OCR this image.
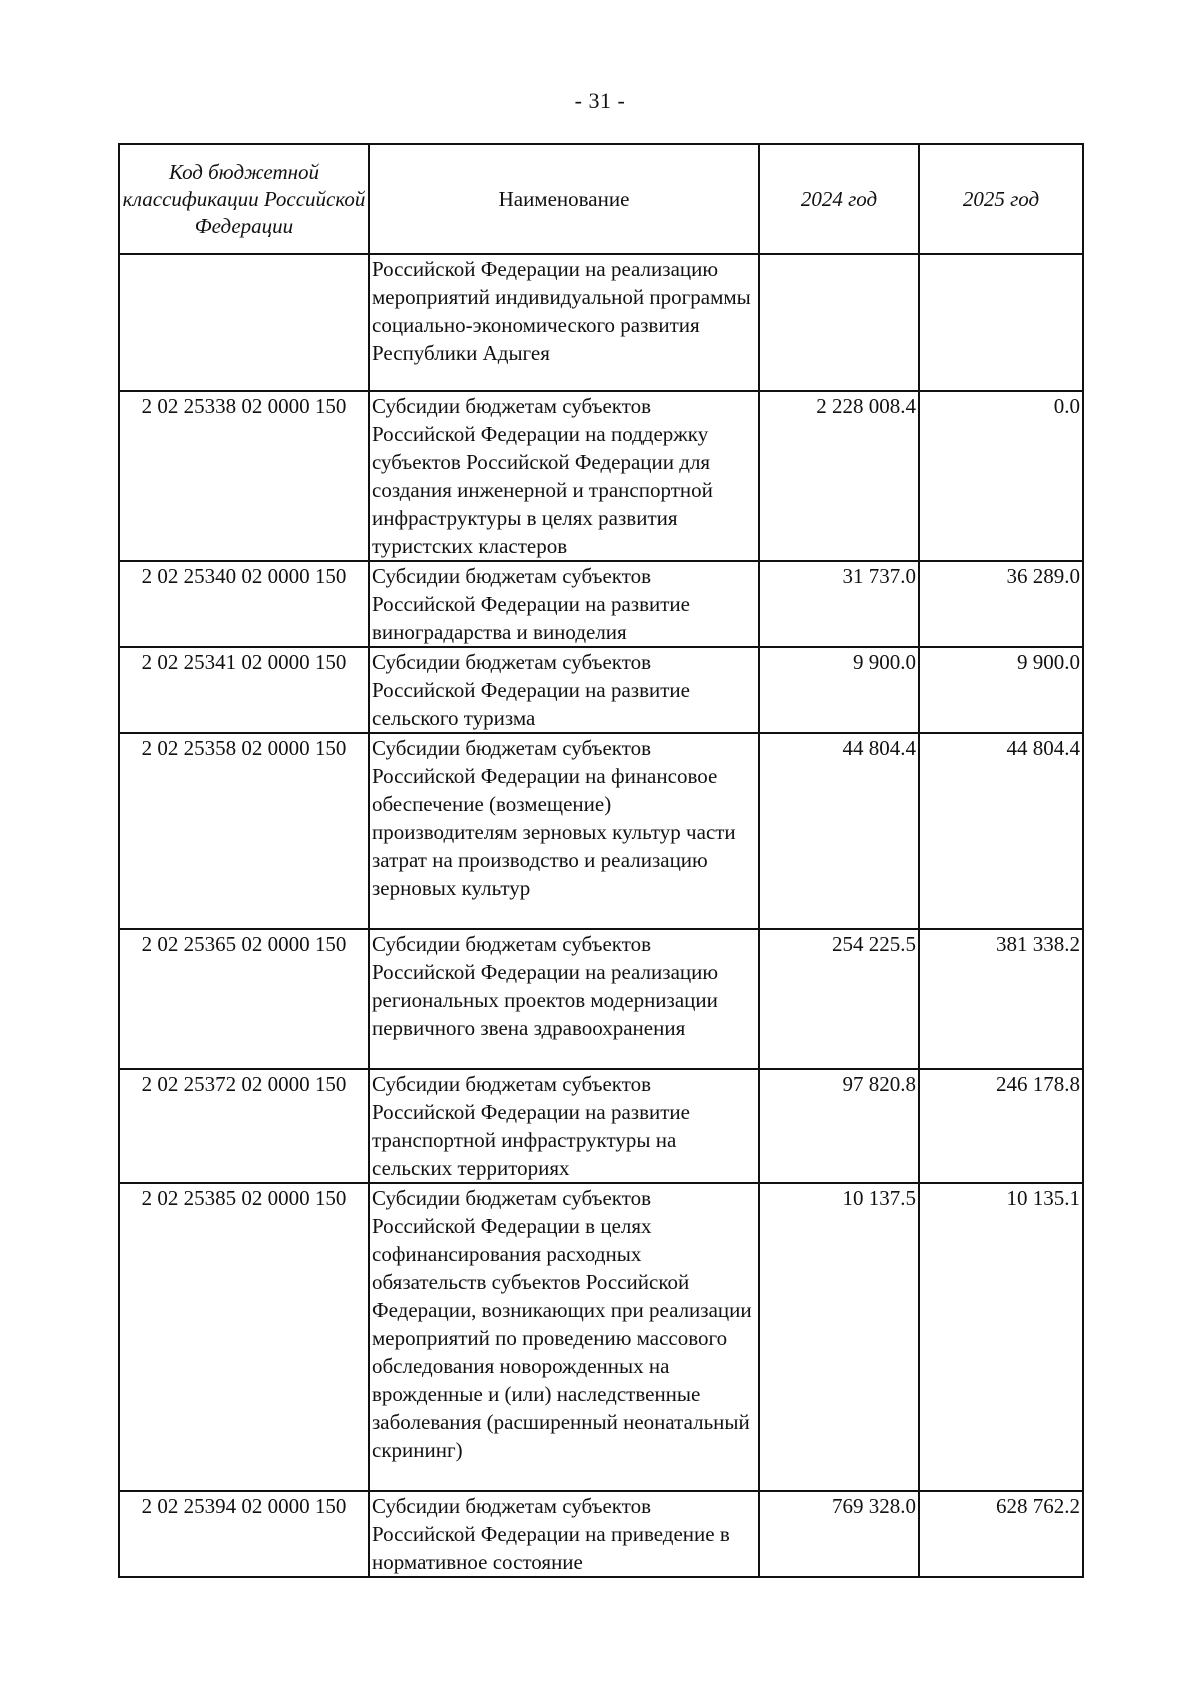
- 31 -
Код бюджетной классификации Российской Федерации	Наименование	2024 год	2025 год
	Российской Федерации на реализацию мероприятий индивидуальной программы социально-экономического развития Республики Адыгея		
2 02 25338 02 0000 150	Субсидии бюджетам субъектов Российской Федерации на поддержку субъектов Российской Федерации для создания инженерной и транспортной инфраструктуры в целях развития туристских кластеров	2 228 008.4	0.0
2 02 25340 02 0000 150	Субсидии бюджетам субъектов Российской Федерации на развитие виноградарства и виноделия	31 737.0	36 289.0
2 02 25341 02 0000 150	Субсидии бюджетам субъектов Российской Федерации на развитие сельского туризма	9 900.0	9 900.0
2 02 25358 02 0000 150	Субсидии бюджетам субъектов Российской Федерации на финансовое обеспечение (возмещение) производителям зерновых культур части затрат на производство и реализацию зерновых культур	44 804.4	44 804.4
2 02 25365 02 0000 150	Субсидии бюджетам субъектов Российской Федерации на реализацию региональных проектов модернизации первичного звена здравоохранения	254 225.5	381 338.2
2 02 25372 02 0000 150	Субсидии бюджетам субъектов Российской Федерации на развитие транспортной инфраструктуры на сельских территориях	97 820.8	246 178.8
2 02 25385 02 0000 150	Субсидии бюджетам субъектов Российской Федерации в целях софинансирования расходных обязательств субъектов Российской Федерации, возникающих при реализации мероприятий по проведению массового обследования новорожденных на врожденные и (или) наследственные заболевания (расширенный неонатальный скрининг)	10 137.5	10 135.1
2 02 25394 02 0000 150	Субсидии бюджетам субъектов Российской Федерации на приведение в нормативное состояние	769 328.0	628 762.2
